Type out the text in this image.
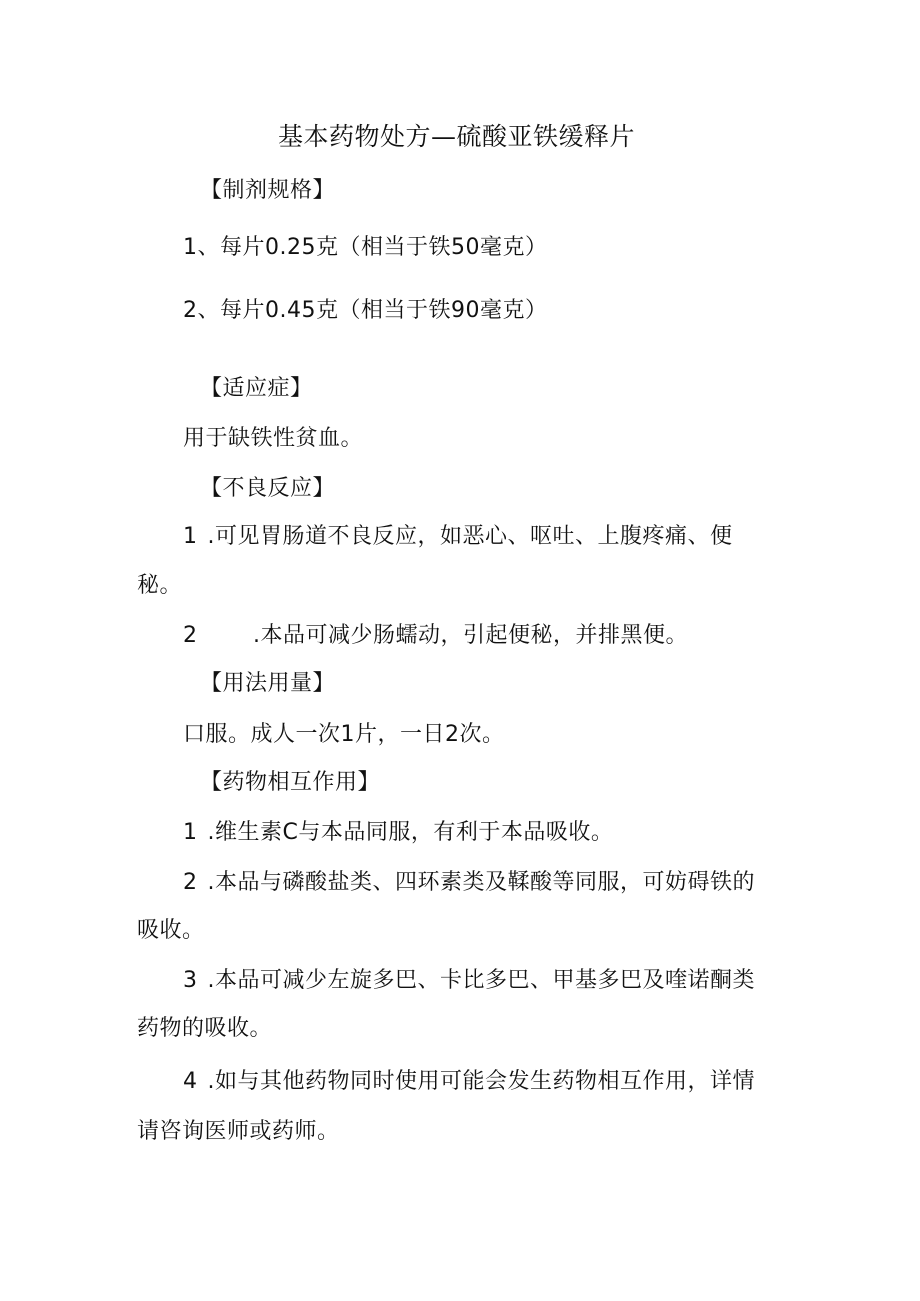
基本药物处方—硫酸亚铁缓释片
【制剂规格】
1、每片0.25克（相当于铁50毫克）
2、每片0.45克（相当于铁90毫克）
【适应症】
用于缺铁性贫血。
【不良反应】
1 .可见胃肠道不良反应，如恶心、呕吐、上腹疼痛、便
秘。
2	.本品可减少肠蠕动，引起便秘，并排黑便。
【用法用量】
口服。成人一次1片，一日2次。
【药物相互作用】
1 .维生素C与本品同服，有利于本品吸收。
2 .本品与磷酸盐类、四环素类及鞣酸等同服，可妨碍铁的
吸收。
3 .本品可减少左旋多巴、卡比多巴、甲基多巴及喹诺酮类
药物的吸收。
4 .如与其他药物同时使用可能会发生药物相互作用，详情
请咨询医师或药师。
